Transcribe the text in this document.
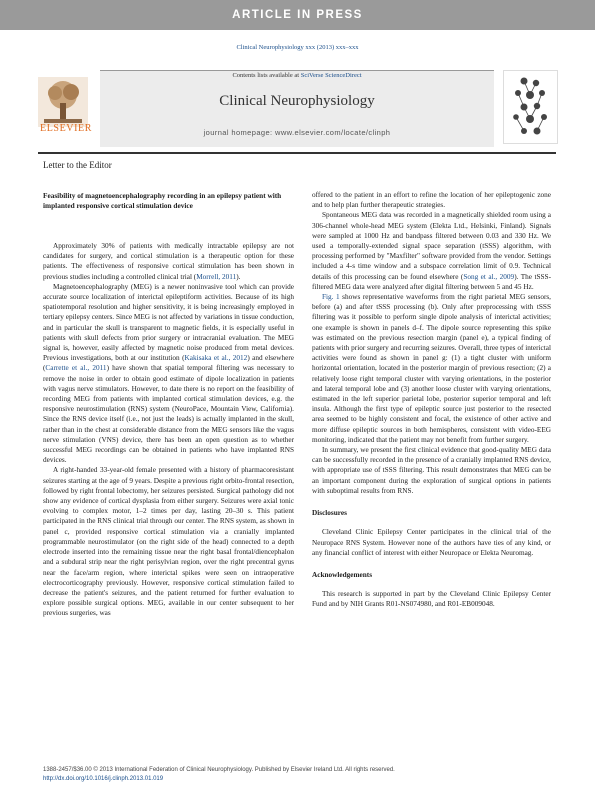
ARTICLE IN PRESS
Clinical Neurophysiology xxx (2013) xxx–xxx
Contents lists available at SciVerse ScienceDirect
Clinical Neurophysiology
journal homepage: www.elsevier.com/locate/clinph
ELSEVIER
Letter to the Editor

Feasibility of magnetoencephalography recording in an epilepsy patient with implanted responsive cortical stimulation device

Approximately 30% of patients with medically intractable epilepsy are not candidates for surgery, and cortical stimulation is a therapeutic option for these patients. The effectiveness of responsive cortical stimulation has been shown in previous studies including a controlled clinical trial (Morrell, 2011).

Magnetoencephalography (MEG) is a newer noninvasive tool which can provide accurate source localization of interictal epileptiform activities. Because of its high spatiotemporal resolution and higher sensitivity, it is being increasingly employed in tertiary epilepsy centers. Since MEG is not affected by variations in tissue conduction, and in particular the skull is transparent to magnetic fields, it is especially useful in patients with skull defects from prior surgery or intracranial evaluation. The MEG signal is, however, easily affected by magnetic noise produced from metal devices. Previous investigations, both at our institution (Kakisaka et al., 2012) and elsewhere (Carrette et al., 2011) have shown that spatial temporal filtering was necessary to remove the noise in order to obtain good estimate of dipole localization in patients with vagus nerve stimulators. However, to date there is no report on the feasibility of recording MEG from patients with implanted cortical stimulation devices, e.g. the responsive neurostimulation (RNS) system (NeuroPace, Mountain View, California). Since the RNS device itself (i.e., not just the leads) is actually implanted in the skull, rather than in the chest at considerable distance from the MEG sensors like the vagus nerve stimulation (VNS) device, there has been an open question as to whether successful MEG recordings can be obtained in patients who have implanted RNS devices.

A right-handed 33-year-old female presented with a history of pharmacoresistant seizures starting at the age of 9 years. Despite a previous right orbito-frontal resection, followed by right frontal lobectomy, her seizures persisted. Surgical pathology did not show any evidence of cortical dysplasia from either surgery. Seizures were axial tonic evolving to complex motor, 1–2 times per day, lasting 20–30 s. This patient participated in the RNS clinical trial through our center. The RNS system, as shown in panel c, provided responsive cortical stimulation via a cranially implanted programmable neurostimulator (on the right side of the head) connected to a depth electrode inserted into the remaining tissue near the right basal frontal/diencephalon and a subdural strip near the right perisylvian region, over the right precentral gyrus near the face/arm region, where interictal spikes were seen on intraoperative electrocorticography previously. However, responsive cortical stimulation failed to decrease the patient's seizures, and the patient returned for further evaluation to explore possible surgical options. MEG, available in our center subsequent to her previous surgeries, was

offered to the patient in an effort to refine the location of her epileptogenic zone and to help plan further therapeutic strategies.

Spontaneous MEG data was recorded in a magnetically shielded room using a 306-channel whole-head MEG system (Elekta Ltd., Helsinki, Finland). Signals were sampled at 1000 Hz and bandpass filtered between 0.03 and 330 Hz. We used a temporally-extended signal space separation (tSSS) algorithm, with processing performed by "Maxfilter" software provided from the vendor. Settings included a 4-s time window and a subspace correlation limit of 0.9. Technical details of this processing can be found elsewhere (Song et al., 2009). The tSSS-filtered MEG data were analyzed after digital filtering between 5 and 45 Hz.

Fig. 1 shows representative waveforms from the right parietal MEG sensors, before (a) and after tSSS processing (b). Only after preprocessing with tSSS filtering was it possible to perform single dipole analysis of interictal activities; one example is shown in panels d–f. The dipole source representing this spike was estimated on the previous resection margin (panel e), a typical finding of patients with prior surgery and recurring seizures. Overall, three types of interictal activities were found as shown in panel g: (1) a tight cluster with uniform horizontal orientation, located in the posterior margin of previous resection; (2) a relatively loose right temporal cluster with varying orientations, in the posterior and lateral temporal lobe and (3) another loose cluster with varying orientations, estimated in the left superior parietal lobe, posterior superior temporal and left insula. Although the first type of epileptic source just posterior to the resected area seemed to be highly consistent and focal, the existence of other active and more diffuse epileptic sources in both hemispheres, consistent with video-EEG monitoring, indicated that the patient may not benefit from further surgery.

In summary, we present the first clinical evidence that good-quality MEG data can be successfully recorded in the presence of a cranially implanted RNS device, with appropriate use of tSSS filtering. This result demonstrates that MEG can be an important component during the exploration of surgical options in patients with suboptimal results from RNS.

Disclosures

Cleveland Clinic Epilepsy Center participates in the clinical trial of the Neuropace RNS System. However none of the authors have ties of any kind, or any financial conflict of interest with either Neuropace or Elekta Neuromag.

Acknowledgements

This research is supported in part by the Cleveland Clinic Epilepsy Center Fund and by NIH Grants R01-NS074980, and R01-EB009048.

1388-2457/$36.00 © 2013 International Federation of Clinical Neurophysiology. Published by Elsevier Ireland Ltd. All rights reserved.
http://dx.doi.org/10.1016/j.clinph.2013.01.019
